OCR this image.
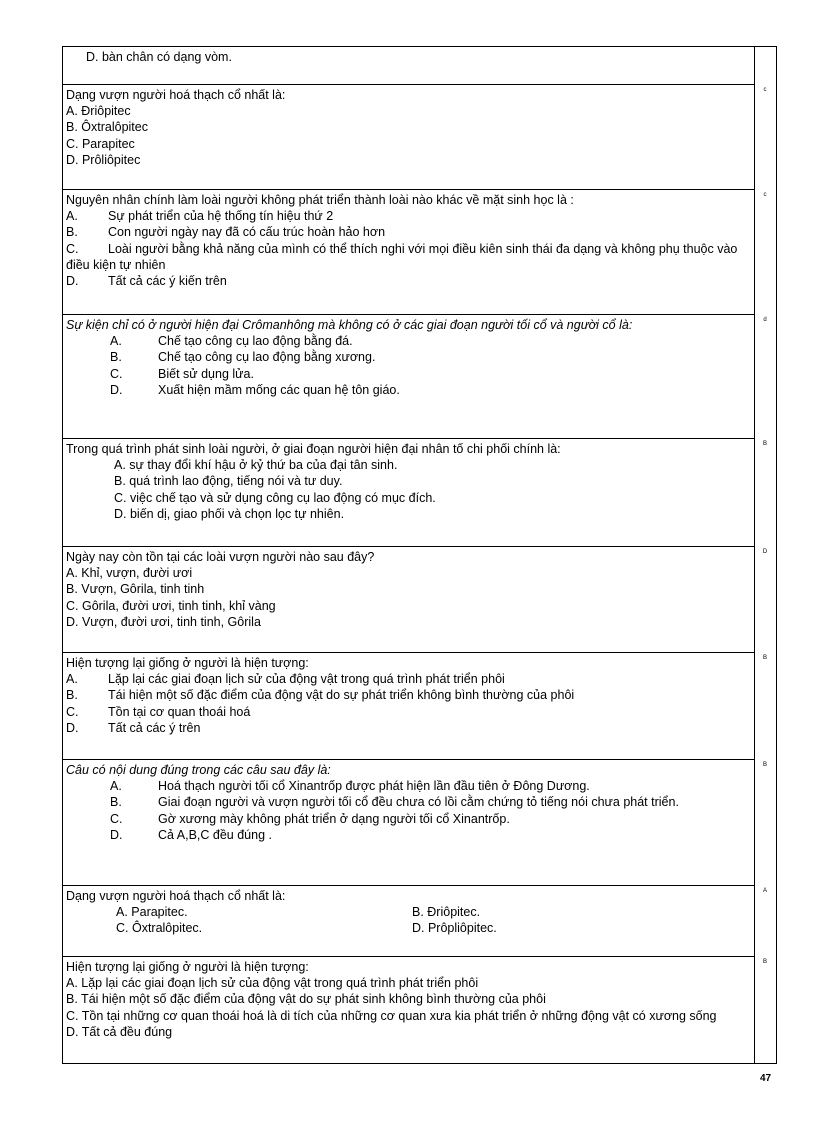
D. bàn chân có dạng vòm.
Dạng vượn người hoá thạch cổ nhất là:
A. Đriôpitec
B. Ôxtralôpitec
C. Parapitec
D. Prôliôpitec
c
Nguyên nhân chính làm loài người không phát triển thành loài nào khác về mặt sinh học là :
A. Sự phát triển của hệ thống tín hiệu thứ 2
B. Con người ngày nay đã có cấu trúc hoàn hảo hơn
C. Loài người bằng khả năng của mình có thể thích nghi với mọi điều kiên sinh thái đa dạng và không phụ thuộc vào điều kiện tự nhiên
D. Tất cả các ý kiến trên
c
Sự kiện chỉ có ở người hiện đại Crômanhông mà không có ở các giai đoạn người tối cổ và người cổ là:
A.	Chế tạo công cụ lao động bằng đá.
B.	Chế tạo công cụ lao động bằng xương.
C.	Biết sử dụng lửa.
D.	Xuất hiện mầm mống các quan hệ tôn giáo.
d
Trong quá trình phát sinh loài người, ở giai đoạn người hiện đại nhân tố chi phối chính là:
A. sự thay đổi khí hậu ở kỷ thứ ba của đại tân sinh.
B. quá trình lao động, tiếng nói và tư duy.
C. việc chế tạo và sử dụng công cụ lao động có mục đích.
D. biến dị, giao phối và chọn lọc tự nhiên.
B
Ngày nay còn tồn tại các loài vượn người nào sau đây?
A. Khỉ, vượn, đười ươi
B. Vượn, Gôrila, tinh tinh
C. Gôrila, đười ươi, tinh tinh, khỉ vàng
D. Vượn, đười ươi, tinh tinh, Gôrila
D
Hiện tượng lại giống ở người là hiện tượng:
A. Lặp lại các giai đoạn lịch sử của động vật trong quá trình phát triển phôi
B. Tái hiện một số đặc điểm của động vật do sự phát triển không bình thường của phôi
C. Tồn tại cơ quan thoái hoá
D. Tất cả các ý trên
B
Câu có nội dung đúng trong các câu sau đây là:
A.	Hoá thạch người tối cổ Xinantrốp được phát hiện lần đầu tiên ở Đông Dương.
B.	Giai đoạn người và vượn người tối cổ đều chưa có lồi cằm chứng tỏ tiếng nói chưa phát triển.
C.	Gờ xương mày không phát triển ở dạng người tối cổ Xinantrốp.
D.	Cả A,B,C đều đúng .
B
Dạng vượn người hoá thạch cổ nhất là:
A. Parapitec.	B. Đriôpitec.
C. Ôxtralôpitec.	D. Prôpliôpitec.
A
Hiện tượng lại giống ở người là hiện tượng:
A. Lặp lại các giai đoạn lịch sử của động vật trong quá trình phát triển phôi
B. Tái hiện một số đặc điểm của động vật do sự phát sinh không bình thường của phôi
C. Tồn tại những cơ quan thoái hoá là di tích của những cơ quan xưa kia phát triển ở những động vật có xương sống
D. Tất cả đều đúng
B
47
